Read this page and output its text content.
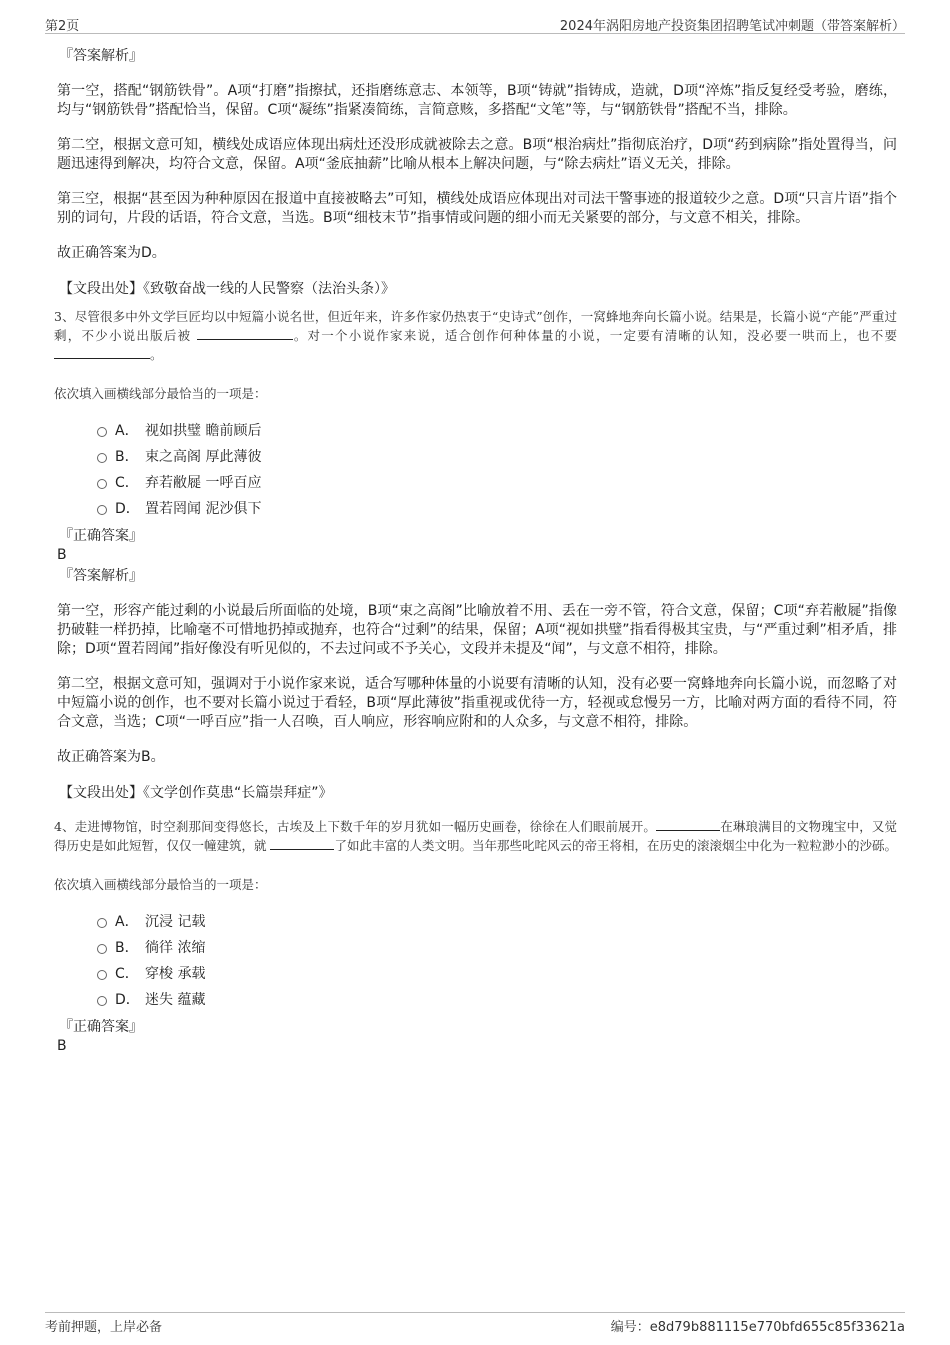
第2页	2024年涡阳房地产投资集团招聘笔试冲刺题（带答案解析）
『答案解析』

第一空，搭配“钢筋铁骨”。A项“打磨”指擦拭，还指磨练意志、本领等，B项“铸就”指铸成，造就，D项“淬炼”指反复经受考验，磨练，均与“钢筋铁骨”搭配恰当，保留。C项“凝练”指紧凑简练，言简意赅，多搭配“文笔”等，与“钢筋铁骨”搭配不当，排除。

第二空，根据文意可知，横线处成语应体现出病灶还没形成就被除去之意。B项“根治病灶”指彻底治疗，D项“药到病除”指处置得当，问题迅速得到解决，均符合文意，保留。A项“釜底抽薪”比喻从根本上解决问题，与“除去病灶”语义无关，排除。

第三空，根据“甚至因为种种原因在报道中直接被略去”可知，横线处成语应体现出对司法干警事迹的报道较少之意。D项“只言片语”指个别的词句，片段的话语，符合文意，当选。B项“细枝末节”指事情或问题的细小而无关紧要的部分，与文意不相关，排除。

故正确答案为D。

【文段出处】《致敬奋战一线的人民警察（法治头条）》
3、尽管很多中外文学巨匠均以中短篇小说名世，但近年来，许多作家仍热衷于“史诗式”创作，一窝蜂地奔向长篇小说。结果是，长篇小说“产能”严重过剩，不少小说出版后被	。对一个小说作家来说，适合创作何种体量的小说，一定要有清晰的认知，没必要一哄而上，也不要 。
依次填入画横线部分最恰当的一项是：
A． 视如拱璧 瞻前顾后
B． 束之高阁 厚此薄彼
C． 弃若敝屣 一呼百应
D． 置若罔闻 泥沙俱下
『正确答案』
B
『答案解析』

第一空，形容产能过剩的小说最后所面临的处境，B项“束之高阁”比喻放着不用、丢在一旁不管，符合文意，保留；C项“弃若敝屣”指像扔破鞋一样扔掉，比喻毫不可惜地扔掉或抛弃，也符合“过剩”的结果，保留；A项“视如拱璧”指看得极其宝贵，与“严重过剩”相矛盾，排除；D项“置若罔闻”指好像没有听见似的，不去过问或不予关心，文段并未提及“闻”，与文意不相符，排除。

第二空，根据文意可知，强调对于小说作家来说，适合写哪种体量的小说要有清晰的认知，没有必要一窝蜂地奔向长篇小说，而忽略了对中短篇小说的创作，也不要对长篇小说过于看轻，B项“厚此薄彼”指重视或优待一方，轻视或怠慢另一方，比喻对两方面的看待不同，符合文意，当选；C项“一呼百应”指一人召唤，百人响应，形容响应附和的人众多，与文意不相符，排除。

故正确答案为B。

【文段出处】《文学创作莫患“长篇崇拜症”》
4、走进博物馆，时空刹那间变得悠长，古埃及上下数千年的岁月犹如一幅历史画卷，徐徐在人们眼前展开。	在琳琅满目的文物瑰宝中，又觉得历史是如此短暂，仅仅一幢建筑，就	了如此丰富的人类文明。当年那些叱咤风云的帝王将相，在历史的滚滚烟尘中化为一粒粒渺小的沙砾。
依次填入画横线部分最恰当的一项是：
A． 沉浸 记载
B． 徜徉 浓缩
C． 穿梭 承载
D． 迷失 蕴藏
『正确答案』
B
考前押题，上岸必备	编号：e8d79b881115e770bfd655c85f33621a
